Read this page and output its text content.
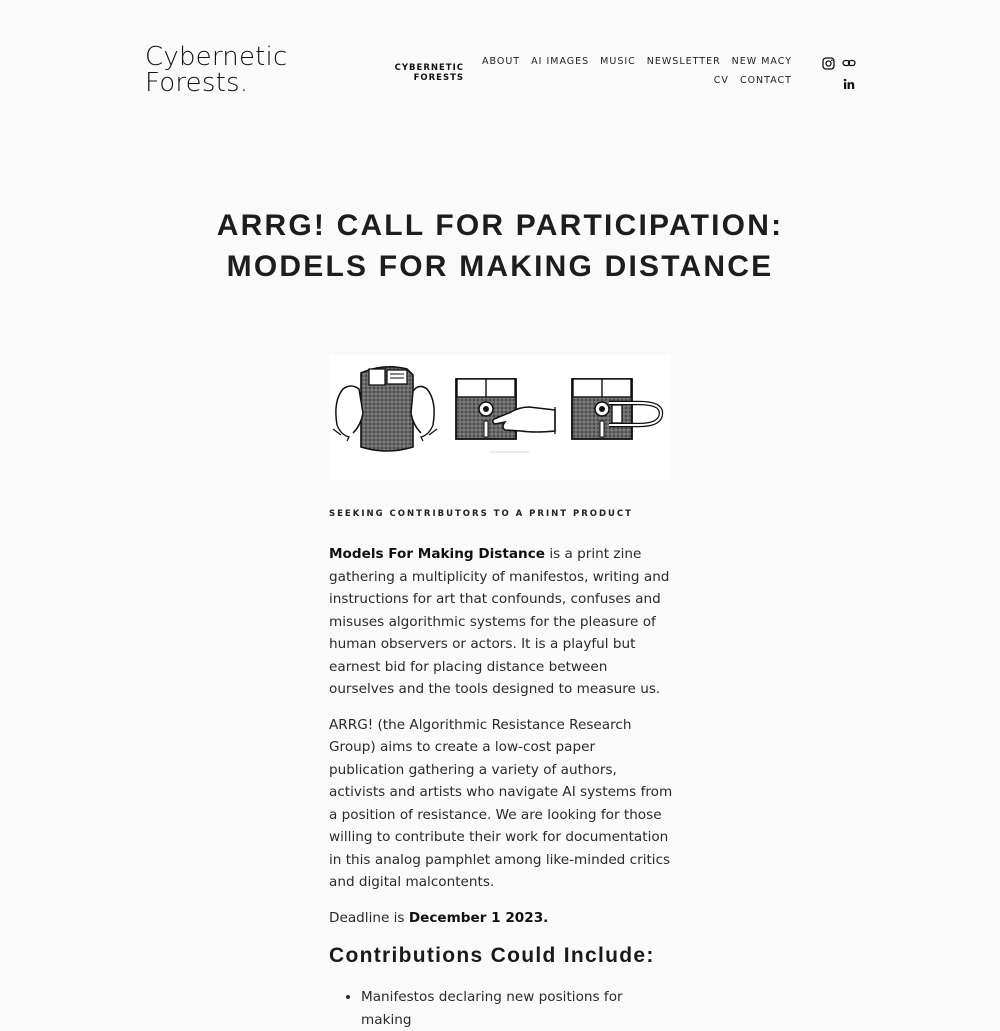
Cybernetic
Forests.	CYBERNETIC
FORESTS
ABOUT AI IMAGES MUSIC NEWSLETTER NEW MACY
CV CONTACT
ARRG! CALL FOR PARTICIPATION:
MODELS FOR MAKING DISTANCE
SEEKING CONTRIBUTORS TO A PRINT PRODUCT

Models For Making Distance is a print zine gathering a multiplicity of manifestos, writing and instructions for art that confounds, confuses and misuses algorithmic systems for the pleasure of human observers or actors. It is a playful but earnest bid for placing distance between ourselves and the tools designed to measure us.

ARRG! (the Algorithmic Resistance Research Group) aims to create a low-cost paper publication gathering a variety of authors, activists and artists who navigate AI systems from a position of resistance. We are looking for those willing to contribute their work for documentation in this analog pamphlet among like-minded critics and digital malcontents.

Deadline is December 1 2023.

Contributions Could Include:
• Manifestos declaring new positions for making
